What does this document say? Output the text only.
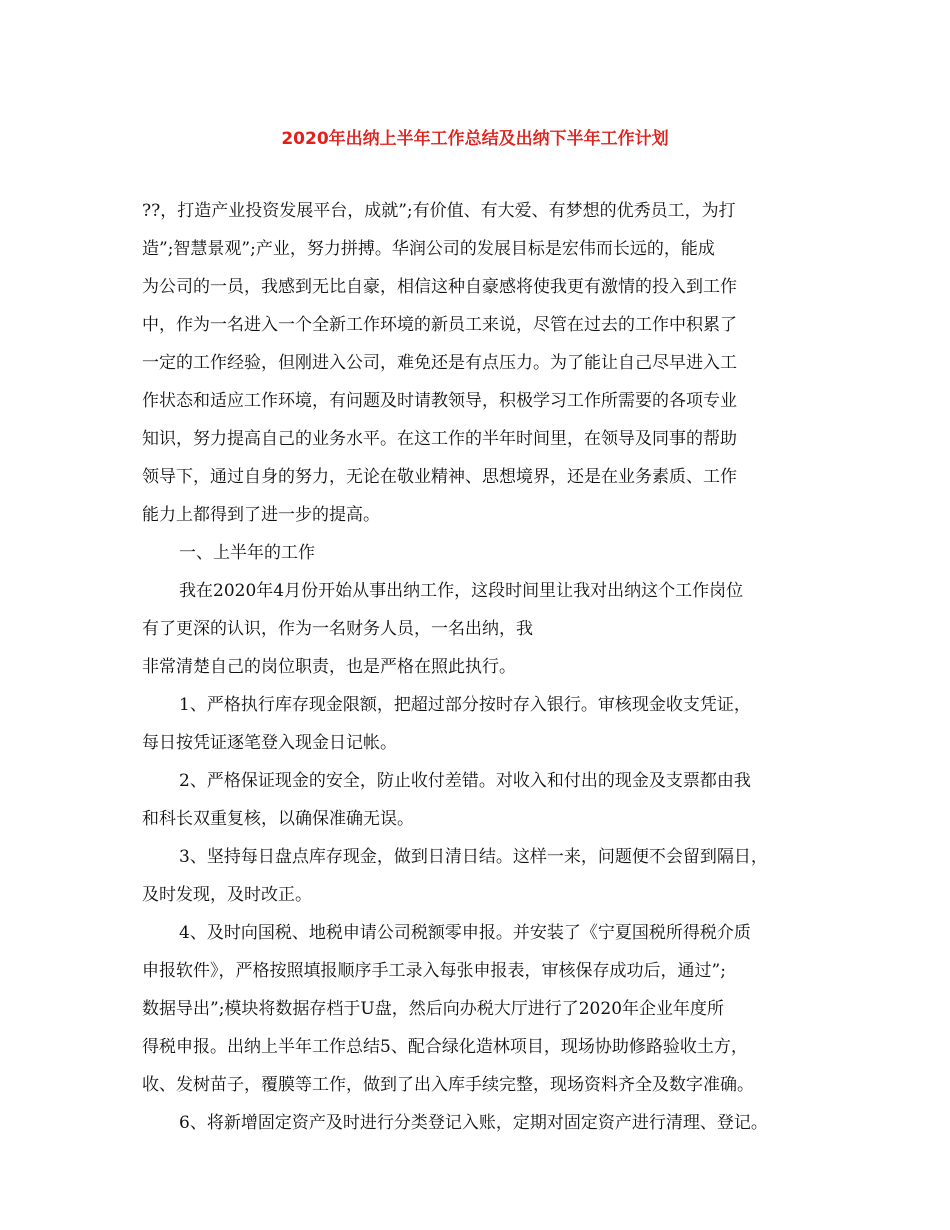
2020年出纳上半年工作总结及出纳下半年工作计划
??，打造产业投资发展平台，成就”;有价值、有大爱、有梦想的优秀员工，为打
造”;智慧景观”;产业，努力拼搏。华润公司的发展目标是宏伟而长远的，能成
为公司的一员，我感到无比自豪，相信这种自豪感将使我更有激情的投入到工作
中，作为一名进入一个全新工作环境的新员工来说，尽管在过去的工作中积累了
一定的工作经验，但刚进入公司，难免还是有点压力。为了能让自己尽早进入工
作状态和适应工作环境，有问题及时请教领导，积极学习工作所需要的各项专业
知识，努力提高自己的业务水平。在这工作的半年时间里，在领导及同事的帮助
领导下，通过自身的努力，无论在敬业精神、思想境界，还是在业务素质、工作
能力上都得到了进一步的提高。
一、上半年的工作
我在2020年4月份开始从事出纳工作，这段时间里让我对出纳这个工作岗位
有了更深的认识，作为一名财务人员，一名出纳，我
非常清楚自己的岗位职责，也是严格在照此执行。
1、严格执行库存现金限额，把超过部分按时存入银行。审核现金收支凭证，
每日按凭证逐笔登入现金日记帐。
2、严格保证现金的安全，防止收付差错。对收入和付出的现金及支票都由我
和科长双重复核，以确保准确无误。
3、坚持每日盘点库存现金，做到日清日结。这样一来，问题便不会留到隔日，
及时发现，及时改正。
4、及时向国税、地税申请公司税额零申报。并安装了《宁夏国税所得税介质
申报软件》，严格按照填报顺序手工录入每张申报表，审核保存成功后，通过”;
数据导出”;模块将数据存档于U盘，然后向办税大厅进行了2020年企业年度所
得税申报。出纳上半年工作总结5、配合绿化造林项目，现场协助修路验收土方，
收、发树苗子，覆膜等工作，做到了出入库手续完整，现场资料齐全及数字准确。
6、将新增固定资产及时进行分类登记入账，定期对固定资产进行清理、登记。
